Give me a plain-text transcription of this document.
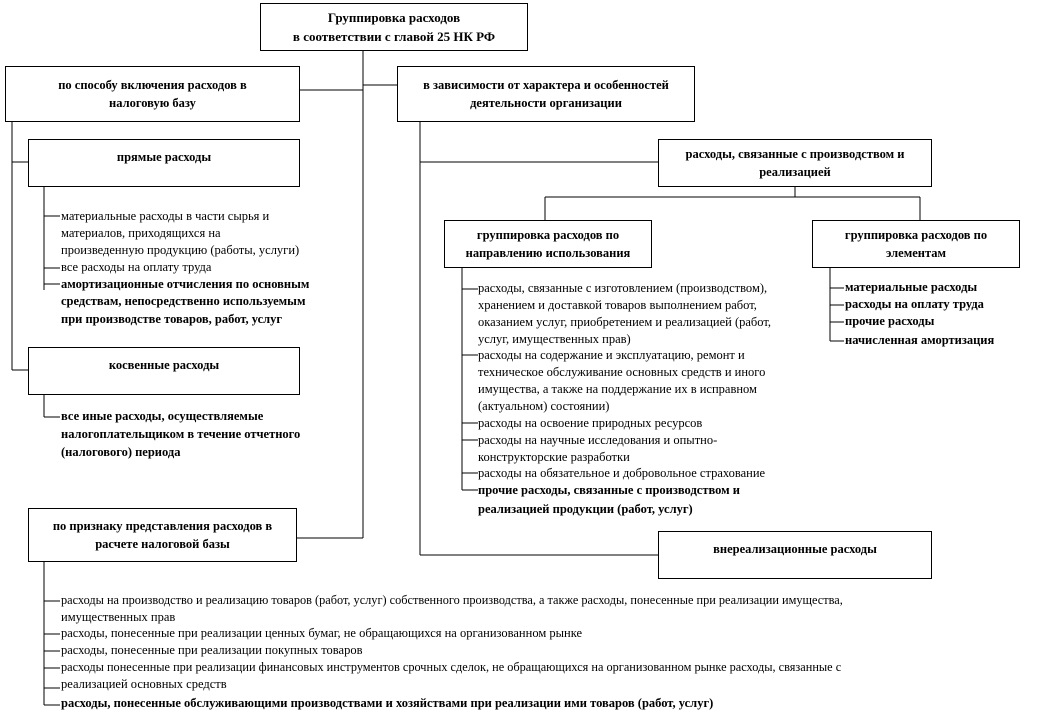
Группировка расходов
в соответствии с главой 25 НК РФ
по способу включения расходов в налоговую базу
прямые расходы
материальные расходы в части сырья и
материалов, приходящихся на
произведенную продукцию (работы, услуги)
все расходы на оплату труда
амортизационные отчисления по основным
средствам, непосредственно используемым
при производстве товаров, работ, услуг
косвенные расходы
все иные расходы, осуществляемые
налогоплательщиком в течение отчетного
(налогового) периода
в зависимости от характера и особенностей
деятельности организации
расходы, связанные с производством и
реализацией
группировка расходов по
направлению использования
группировка расходов по
элементам
расходы, связанные с изготовлением (производством),
хранением и доставкой товаров выполнением работ,
оказанием услуг, приобретением и реализацией (работ,
услуг, имущественных прав)
расходы на содержание и эксплуатацию, ремонт и
техническое обслуживание основных средств и иного
имущества, а также на поддержание их в исправном
(актуальном) состоянии)
расходы на освоение природных ресурсов
расходы на научные исследования и опытно-
конструкторские разработки
расходы на обязательное и добровольное страхование
прочие расходы, связанные с производством и
реализацией продукции (работ, услуг)
материальные расходы
расходы на оплату труда
прочие расходы
начисленная амортизация
внереализационные расходы
по признаку представления расходов в
расчете налоговой базы
расходы на производство и реализацию товаров (работ, услуг) собственного производства, а также расходы, понесенные при реализации имущества,
имущественных прав
расходы, понесенные при реализации ценных бумаг, не обращающихся на организованном рынке
расходы, понесенные при реализации покупных товаров
расходы понесенные при реализации финансовых инструментов срочных сделок, не обращающихся на организованном рынке расходы, связанные с
реализацией основных средств
расходы, понесенные обслуживающими производствами и хозяйствами при реализации ими товаров (работ, услуг)
